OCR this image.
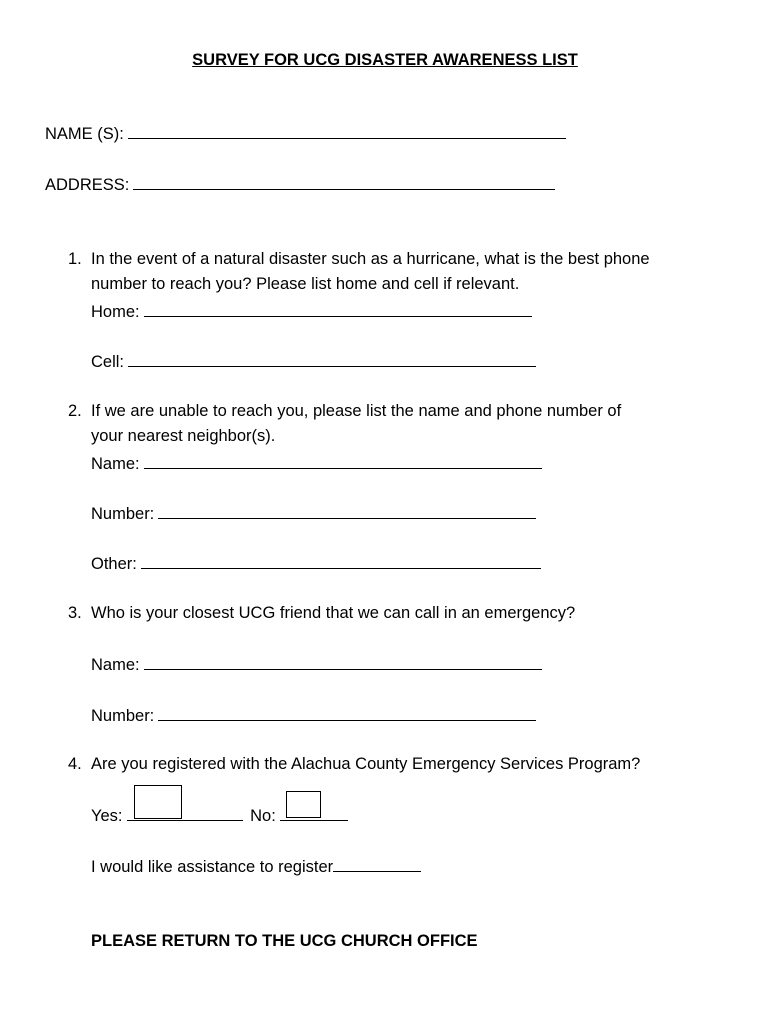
SURVEY FOR UCG DISASTER AWARENESS LIST
NAME (S):
ADDRESS:
1. In the event of a natural disaster such as a hurricane, what is the best phone
number to reach you? Please list home and cell if relevant.
Home:
Cell:
2. If we are unable to reach you, please list the name and phone number of
your nearest neighbor(s).
Name:
Number:
Other:
3. Who is your closest UCG friend that we can call in an emergency?
Name:
Number:
4. Are you registered with the Alachua County Emergency Services Program?
Yes:	No:
I would like assistance to register
PLEASE RETURN TO THE UCG CHURCH OFFICE
